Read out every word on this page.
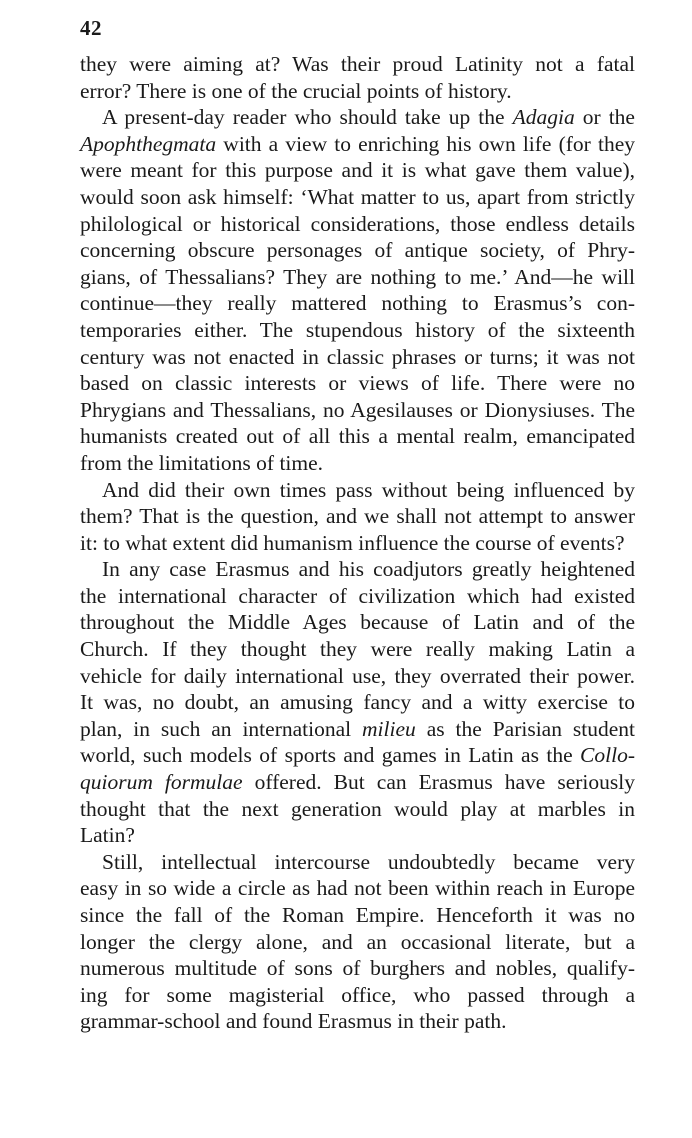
42

they were aiming at? Was their proud Latinity not a fatal
error? There is one of the crucial points of history.

A present-day reader who should take up the Adagia or the
Apophthegmata with a view to enriching his own life (for they
were meant for this purpose and it is what gave them value),
would soon ask himself: ‘What matter to us, apart from strictly
philological or historical considerations, those endless details
concerning obscure personages of antique society, of Phry-
gians, of Thessalians? They are nothing to me.’ And—he will
continue—they really mattered nothing to Erasmus’s con-
temporaries either. The stupendous history of the sixteenth
century was not enacted in classic phrases or turns; it was not
based on classic interests or views of life. There were no
Phrygians and Thessalians, no Agesilauses or Dionysiuses. The
humanists created out of all this a mental realm, emancipated
from the limitations of time.

And did their own times pass without being influenced by
them? That is the question, and we shall not attempt to answer
it: to what extent did humanism influence the course of events?

In any case Erasmus and his coadjutors greatly heightened
the international character of civilization which had existed
throughout the Middle Ages because of Latin and of the
Church. If they thought they were really making Latin a
vehicle for daily international use, they overrated their power.
It was, no doubt, an amusing fancy and a witty exercise to
plan, in such an international milieu as the Parisian student
world, such models of sports and games in Latin as the Collo-
quiorum formulae offered. But can Erasmus have seriously
thought that the next generation would play at marbles in
Latin?

Still, intellectual intercourse undoubtedly became very
easy in so wide a circle as had not been within reach in Europe
since the fall of the Roman Empire. Henceforth it was no
longer the clergy alone, and an occasional literate, but a
numerous multitude of sons of burghers and nobles, qualify-
ing for some magisterial office, who passed through a
grammar-school and found Erasmus in their path.
